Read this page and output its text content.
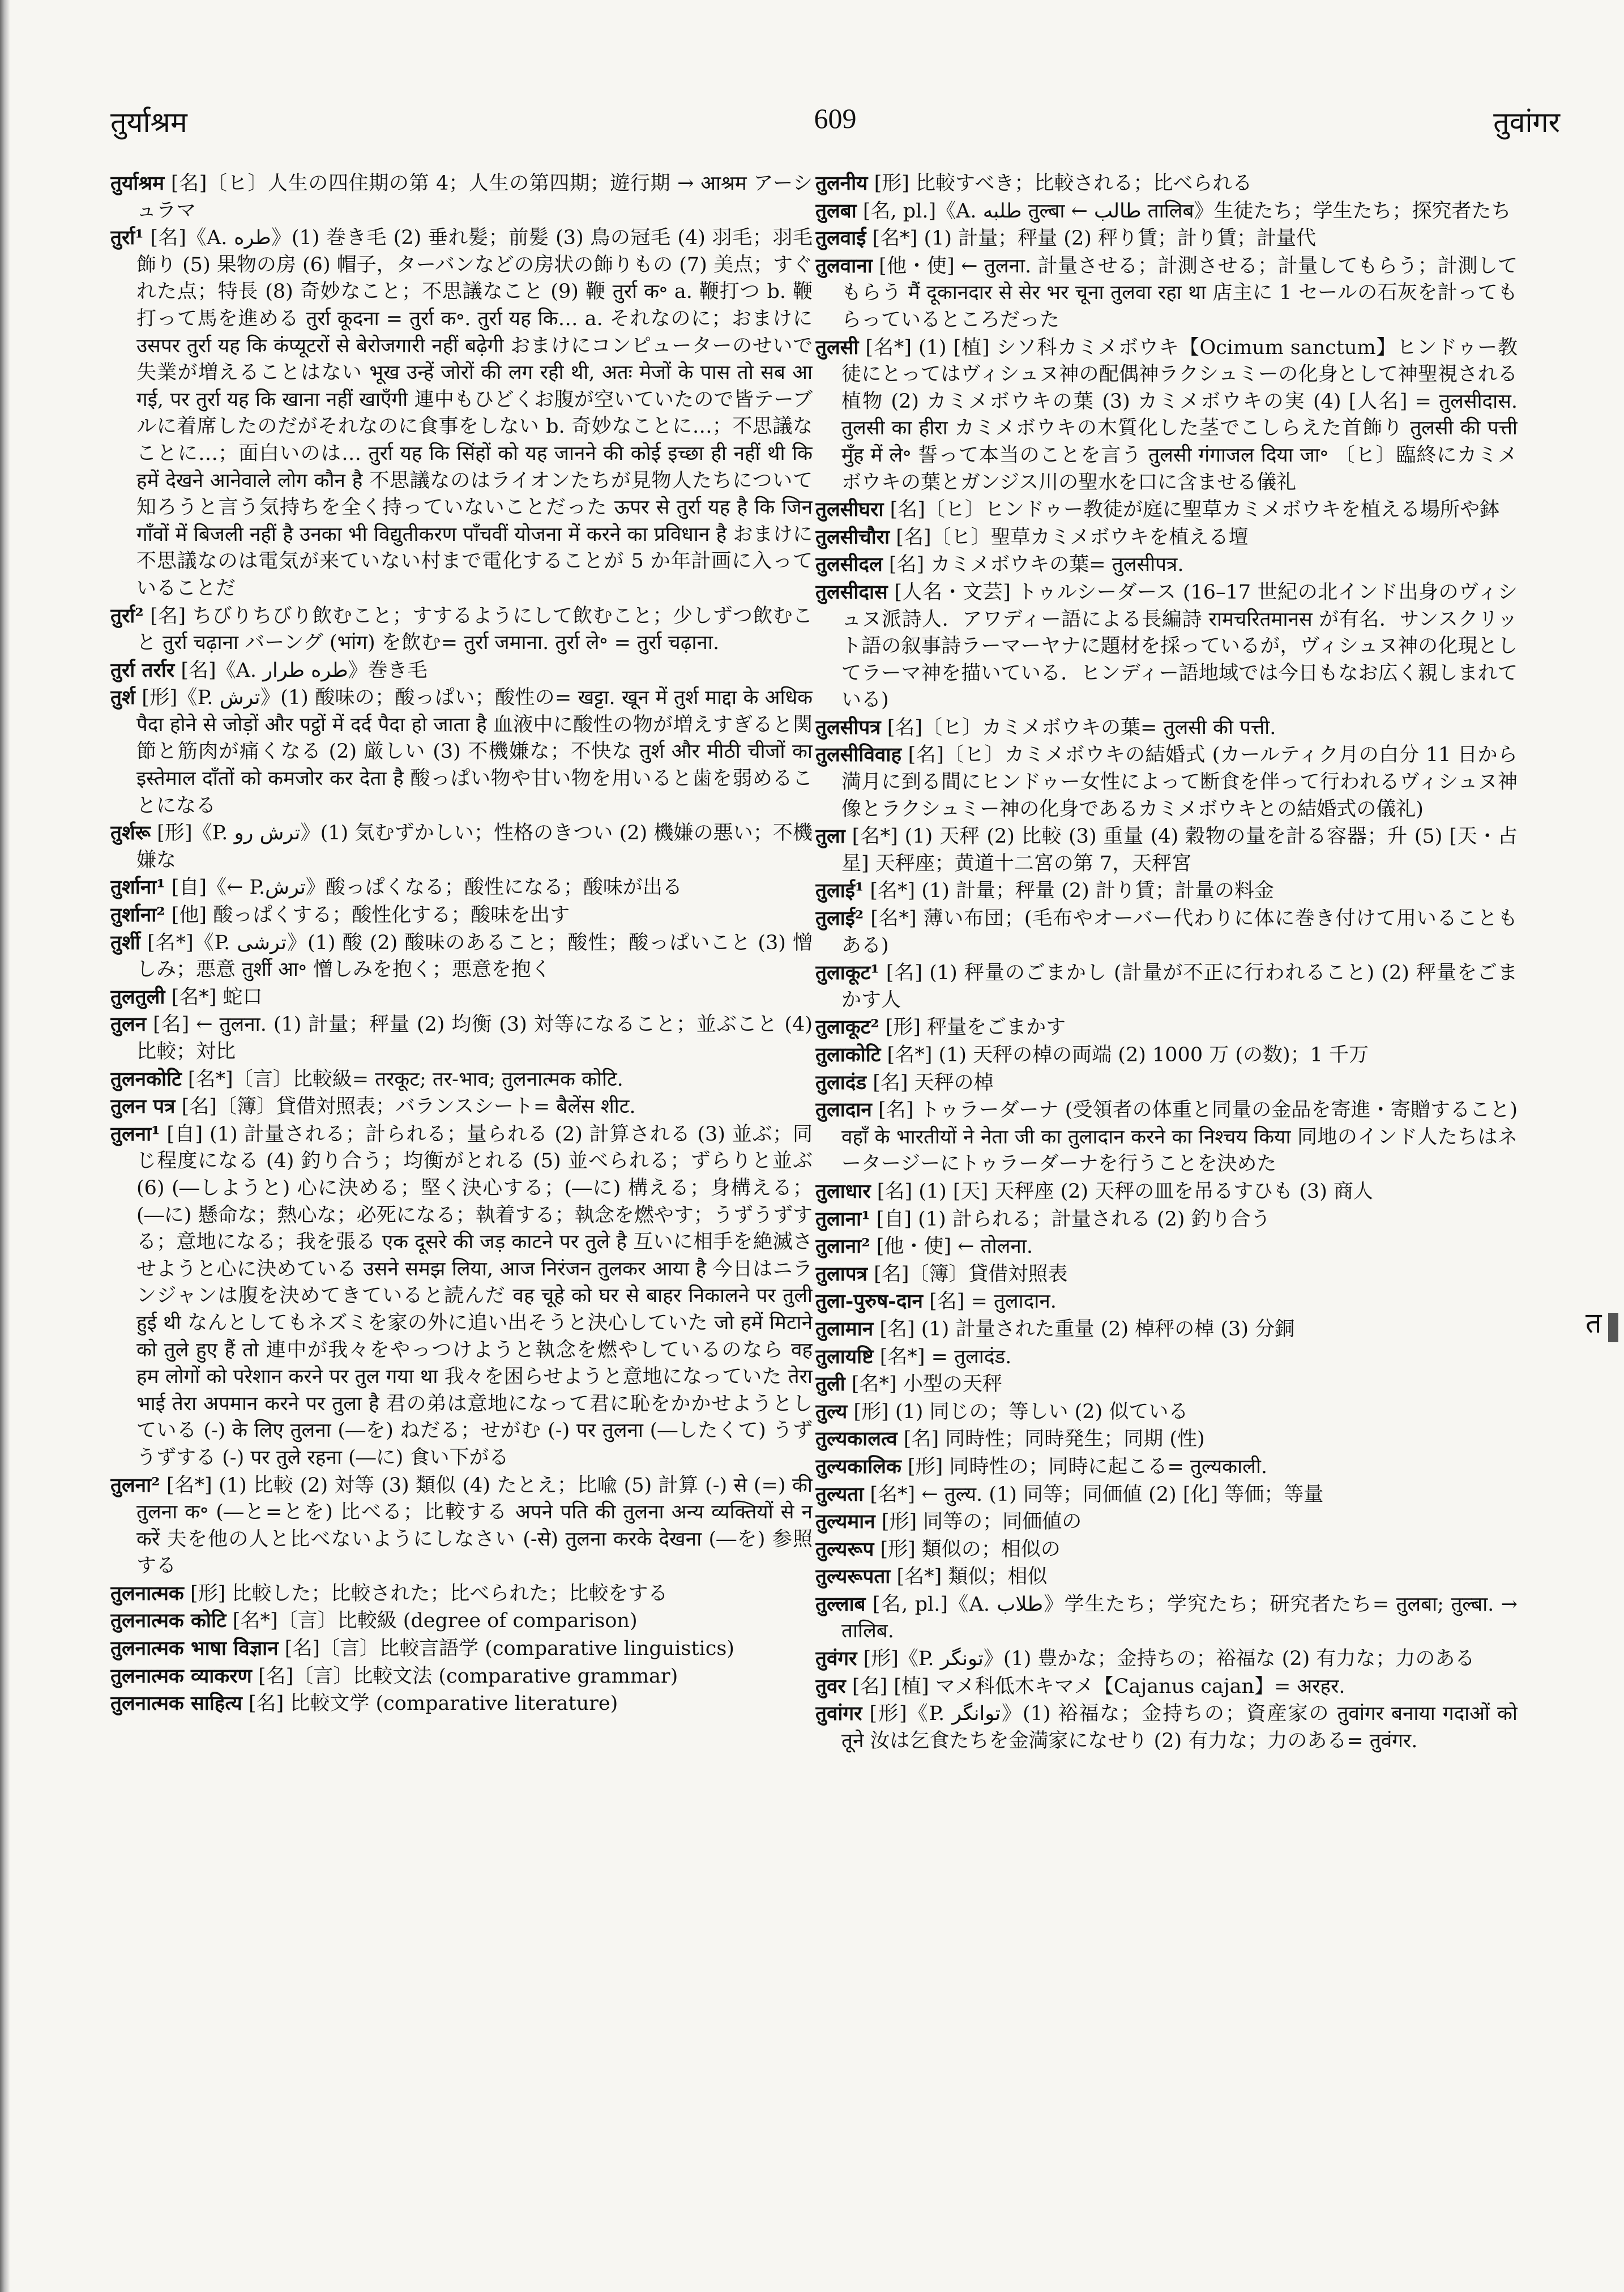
तुर्याश्रम	609	तुवांगर

तुर्याश्रम [名]〔ヒ〕人生の四住期の第 4；人生の第四期；遊行期 → आश्रम アーシュラマ

तुर्रा¹ [名]《A. طره》(1) 巻き毛 (2) 垂れ髪；前髪 (3) 鳥の冠毛 (4) 羽毛；羽毛飾り (5) 果物の房 (6) 帽子，ターバンなどの房状の飾りもの (7) 美点；すぐれた点；特長 (8) 奇妙なこと；不思議なこと (9) 鞭 तुर्रा क॰ a. 鞭打つ b. 鞭打って馬を進める तुर्रा कूदना = तुर्रा क॰. तुर्रा यह कि… a. それなのに；おまけに उसपर तुर्रा यह कि कंप्यूटरों से बेरोजगारी नहीं बढ़ेगी おまけにコンピューターのせいで失業が増えることはない भूख उन्हें जोरों की लग रही थी, अतः मेजों के पास तो सब आ गई, पर तुर्रा यह कि खाना नहीं खाएँगी 連中もひどくお腹が空いていたので皆テーブルに着席したのだがそれなのに食事をしない b. 奇妙なことに…；不思議なことに…；面白いのは… तुर्रा यह कि सिंहों को यह जानने की कोई इच्छा ही नहीं थी कि हमें देखने आनेवाले लोग कौन है 不思議なのはライオンたちが見物人たちについて知ろうと言う気持ちを全く持っていないことだった ऊपर से तुर्रा यह है कि जिन गाँवों में बिजली नहीं है उनका भी विद्युतीकरण पाँचवीं योजना में करने का प्रविधान है おまけに不思議なのは電気が来ていない村まで電化することが 5 か年計画に入っていることだ

तुर्रा² [名] ちびりちびり飲むこと；すするようにして飲むこと；少しずつ飲むこと तुर्रा चढ़ाना バーング (भांग) を飲む= तुर्रा जमाना. तुर्रा ले॰ = तुर्रा चढ़ाना.

तुर्रा तर्रार [名]《A. طره طرار》巻き毛

तुर्श [形]《P. ترش》(1) 酸味の；酸っぱい；酸性の= खट्टा. खून में तुर्श माद्दा के अधिक पैदा होने से जोड़ों और पट्ठों में दर्द पैदा हो जाता है 血液中に酸性の物が増えすぎると関節と筋肉が痛くなる (2) 厳しい (3) 不機嫌な；不快な तुर्श और मीठी चीजों का इस्तेमाल दाँतों को कमजोर कर देता है 酸っぱい物や甘い物を用いると歯を弱めることになる

तुर्शरू [形]《P. ترش رو》(1) 気むずかしい；性格のきつい (2) 機嫌の悪い；不機嫌な

तुर्शाना¹ [自]《← P.ترش》酸っぱくなる；酸性になる；酸味が出る

तुर्शाना² [他] 酸っぱくする；酸性化する；酸味を出す

तुर्शी [名*]《P. ترشی》(1) 酸 (2) 酸味のあること；酸性；酸っぱいこと (3) 憎しみ；悪意 तुर्शी आ॰ 憎しみを抱く；悪意を抱く

तुलतुली [名*] 蛇口

तुलन [名] ← तुलना. (1) 計量；秤量 (2) 均衡 (3) 対等になること；並ぶこと (4) 比較；対比

तुलनकोटि [名*]〔言〕比較級= तरकूट; तर-भाव; तुलनात्मक कोटि.

तुलन पत्र [名]〔簿〕貸借対照表；バランスシート= बैलेंस शीट.

तुलना¹ [自] (1) 計量される；計られる；量られる (2) 計算される (3) 並ぶ；同じ程度になる (4) 釣り合う；均衡がとれる (5) 並べられる；ずらりと並ぶ (6) (―しようと) 心に決める；堅く決心する；(―に) 構える；身構える；(―に) 懸命な；熱心な；必死になる；執着する；執念を燃やす；うずうずする；意地になる；我を張る एक दूसरे की जड़ काटने पर तुले है 互いに相手を絶滅させようと心に決めている उसने समझ लिया, आज निरंजन तुलकर आया है 今日はニランジャンは腹を決めてきていると読んだ वह चूहे को घर से बाहर निकालने पर तुली हुई थी なんとしてもネズミを家の外に追い出そうと決心していた जो हमें मिटाने को तुले हुए हैं तो 連中が我々をやっつけようと執念を燃やしているのなら वह हम लोगों को परेशान करने पर तुल गया था 我々を困らせようと意地になっていた तेरा भाई तेरा अपमान करने पर तुला है 君の弟は意地になって君に恥をかかせようとしている (-) के लिए तुलना (―を) ねだる；せがむ (-) पर तुलना (―したくて) うずうずする (-) पर तुले रहना (―に) 食い下がる

तुलना² [名*] (1) 比較 (2) 対等 (3) 類似 (4) たとえ；比喩 (5) 計算 (-) से (=) की तुलना क॰ (―と=とを) 比べる；比較する अपने पति की तुलना अन्य व्यक्तियों से न करें 夫を他の人と比べないようにしなさい (-से) तुलना करके देखना (―を) 参照する

तुलनात्मक [形] 比較した；比較された；比べられた；比較をする

तुलनात्मक कोटि [名*]〔言〕比較級 (degree of comparison)

तुलनात्मक भाषा विज्ञान [名]〔言〕比較言語学 (comparative linguistics)

तुलनात्मक व्याकरण [名]〔言〕比較文法 (comparative grammar)

तुलनात्मक साहित्य [名] 比較文学 (comparative literature)

तुलनीय [形] 比較すべき；比較される；比べられる

तुलबा [名, pl.]《A. طلبه तुल्बा ← طالب तालिब》生徒たち；学生たち；探究者たち

तुलवाई [名*] (1) 計量；秤量 (2) 秤り賃；計り賃；計量代

तुलवाना [他・使] ← तुलना. 計量させる；計測させる；計量してもらう；計測してもらう मैं दूकानदार से सेर भर चूना तुलवा रहा था 店主に 1 セールの石灰を計ってもらっているところだった

तुलसी [名*] (1) [植] シソ科カミメボウキ【Ocimum sanctum】ヒンドゥー教徒にとってはヴィシュヌ神の配偶神ラクシュミーの化身として神聖視される植物 (2) カミメボウキの葉 (3) カミメボウキの実 (4) [人名] = तुलसीदास. तुलसी का हीरा カミメボウキの木質化した茎でこしらえた首飾り तुलसी की पत्ती मुँह में ले॰ 誓って本当のことを言う तुलसी गंगाजल दिया जा॰ 〔ヒ〕臨終にカミメボウキの葉とガンジス川の聖水を口に含ませる儀礼

तुलसीघरा [名]〔ヒ〕ヒンドゥー教徒が庭に聖草カミメボウキを植える場所や鉢

तुलसीचौरा [名]〔ヒ〕聖草カミメボウキを植える壇

तुलसीदल [名] カミメボウキの葉= तुलसीपत्र.

तुलसीदास [人名・文芸] トゥルシーダース (16–17 世紀の北インド出身のヴィシュヌ派詩人．アワディー語による長編詩 रामचरितमानस が有名．サンスクリット語の叙事詩ラーマーヤナに題材を採っているが，ヴィシュヌ神の化現としてラーマ神を描いている．ヒンディー語地域では今日もなお広く親しまれている)

तुलसीपत्र [名]〔ヒ〕カミメボウキの葉= तुलसी की पत्ती.

तुलसीविवाह [名]〔ヒ〕カミメボウキの結婚式 (カールティク月の白分 11 日から満月に到る間にヒンドゥー女性によって断食を伴って行われるヴィシュヌ神像とラクシュミー神の化身であるカミメボウキとの結婚式の儀礼)

तुला [名*] (1) 天秤 (2) 比較 (3) 重量 (4) 穀物の量を計る容器；升 (5) [天・占星] 天秤座；黄道十二宮の第 7，天秤宮

तुलाई¹ [名*] (1) 計量；秤量 (2) 計り賃；計量の料金

तुलाई² [名*] 薄い布団；(毛布やオーバー代わりに体に巻き付けて用いることもある)

तुलाकूट¹ [名] (1) 秤量のごまかし (計量が不正に行われること) (2) 秤量をごまかす人

तुलाकूट² [形] 秤量をごまかす

तुलाकोटि [名*] (1) 天秤の棹の両端 (2) 1000 万 (の数)；1 千万

तुलादंड [名] 天秤の棹

तुलादान [名] トゥラーダーナ (受領者の体重と同量の金品を寄進・寄贈すること) वहाँ के भारतीयों ने नेता जी का तुलादान करने का निश्चय किया 同地のインド人たちはネータージーにトゥラーダーナを行うことを決めた

तुलाधार [名] (1) [天] 天秤座 (2) 天秤の皿を吊るすひも (3) 商人

तुलाना¹ [自] (1) 計られる；計量される (2) 釣り合う

तुलाना² [他・使] ← तोलना.

तुलापत्र [名]〔簿〕貸借対照表

तुला-पुरुष-दान [名] = तुलादान.

तुलामान [名] (1) 計量された重量 (2) 棹秤の棹 (3) 分銅

तुलायष्टि [名*] = तुलादंड.

तुली [名*] 小型の天秤

तुल्य [形] (1) 同じの；等しい (2) 似ている

तुल्यकालत्व [名] 同時性；同時発生；同期 (性)

तुल्यकालिक [形] 同時性の；同時に起こる= तुल्यकाली.

तुल्यता [名*] ← तुल्य. (1) 同等；同価値 (2) [化] 等価；等量

तुल्यमान [形] 同等の；同価値の

तुल्यरूप [形] 類似の；相似の

तुल्यरूपता [名*] 類似；相似

तुल्लाब [名, pl.]《A. طلاب》学生たち；学究たち；研究者たち= तुलबा; तुल्बा. → तालिब.

तुवंगर [形]《P. تونگر》(1) 豊かな；金持ちの；裕福な (2) 有力な；力のある

तुवर [名] [植] マメ科低木キマメ【Cajanus cajan】= अरहर.

तुवांगर [形]《P. توانگر》(1) 裕福な；金持ちの；資産家の तुवांगर बनाया गदाओं को तूने 汝は乞食たちを金満家になせり (2) 有力な；力のある= तुवंगर.

त
